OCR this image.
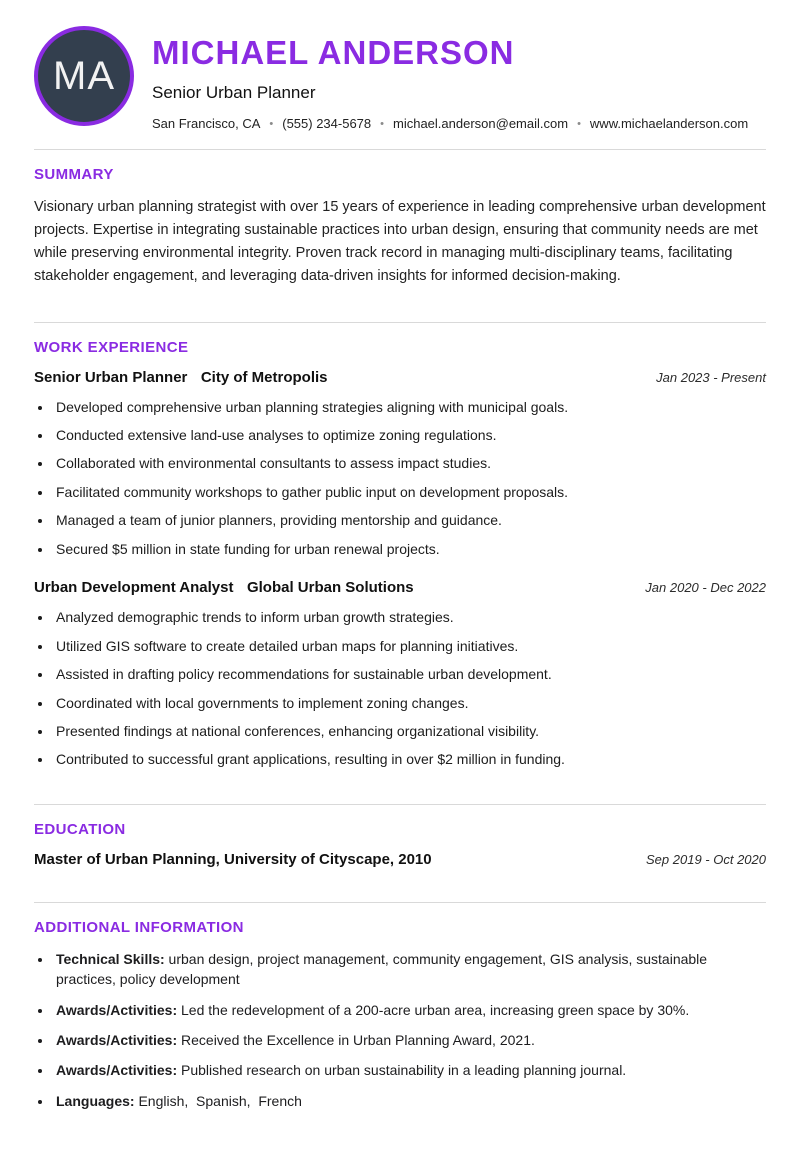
MA
MICHAEL ANDERSON
Senior Urban Planner
San Francisco, CA • (555) 234-5678 • michael.anderson@email.com • www.michaelanderson.com
SUMMARY

Visionary urban planning strategist with over 15 years of experience in leading comprehensive urban development projects. Expertise in integrating sustainable practices into urban design, ensuring that community needs are met while preserving environmental integrity. Proven track record in managing multi-disciplinary teams, facilitating stakeholder engagement, and leveraging data-driven insights for informed decision-making.

WORK EXPERIENCE
Senior Urban Planner City of Metropolis	Jan 2023 - Present
• Developed comprehensive urban planning strategies aligning with municipal goals.
• Conducted extensive land-use analyses to optimize zoning regulations.
• Collaborated with environmental consultants to assess impact studies.
• Facilitated community workshops to gather public input on development proposals.
• Managed a team of junior planners, providing mentorship and guidance.
• Secured $5 million in state funding for urban renewal projects.
Urban Development Analyst Global Urban Solutions	Jan 2020 - Dec 2022
• Analyzed demographic trends to inform urban growth strategies.
• Utilized GIS software to create detailed urban maps for planning initiatives.
• Assisted in drafting policy recommendations for sustainable urban development.
• Coordinated with local governments to implement zoning changes.
• Presented findings at national conferences, enhancing organizational visibility.
• Contributed to successful grant applications, resulting in over $2 million in funding.
EDUCATION
Master of Urban Planning, University of Cityscape, 2010	Sep 2019 - Oct 2020
ADDITIONAL INFORMATION
• Technical Skills: urban design, project management, community engagement, GIS analysis, sustainable practices, policy development
• Awards/Activities: Led the redevelopment of a 200-acre urban area, increasing green space by 30%.
• Awards/Activities: Received the Excellence in Urban Planning Award, 2021.
• Awards/Activities: Published research on urban sustainability in a leading planning journal.
• Languages: English,  Spanish,  French
